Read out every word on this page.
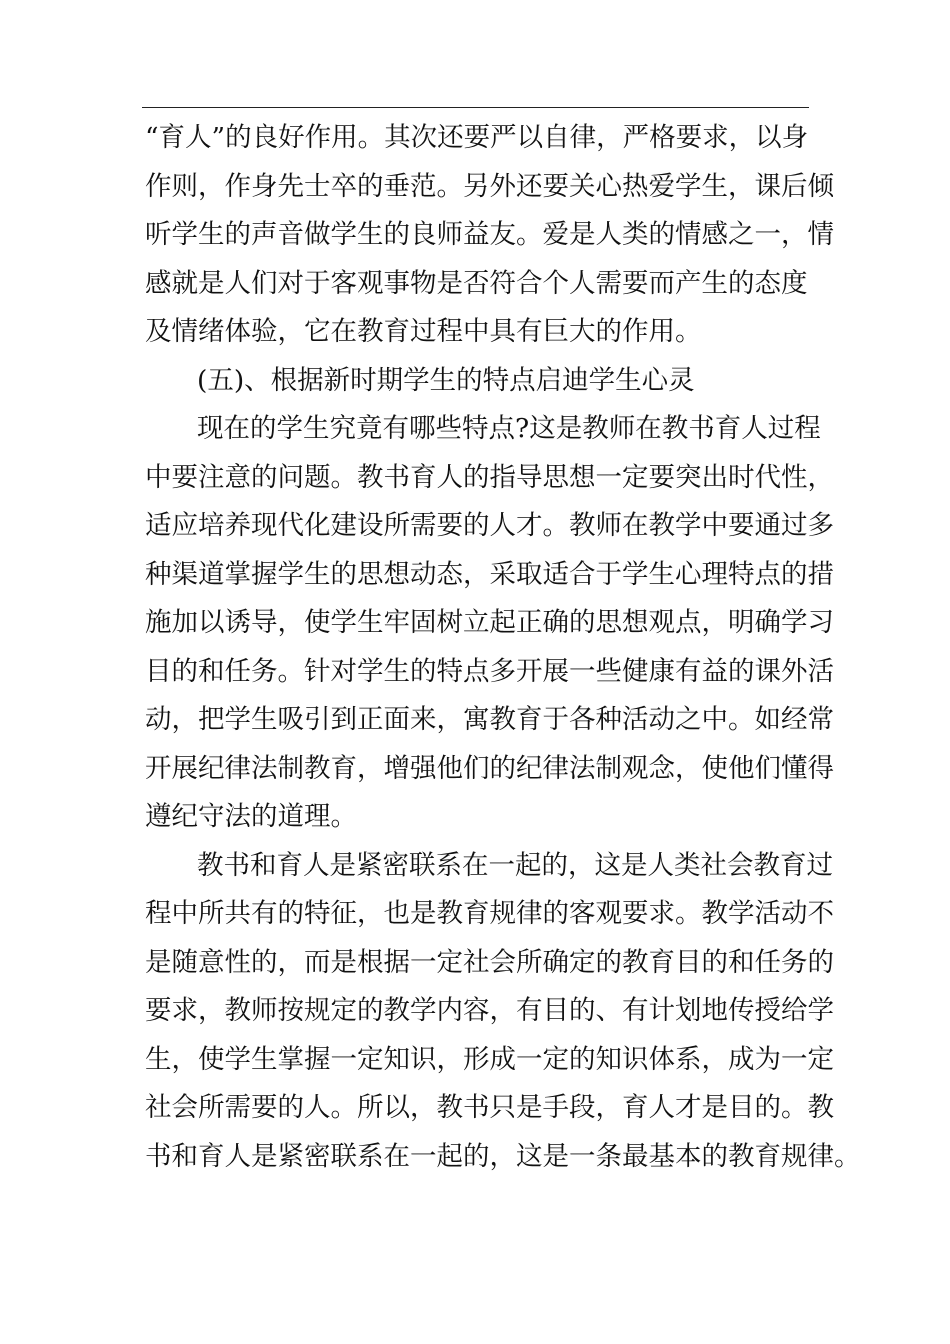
“育人”的良好作用。其次还要严以自律，严格要求，以身
作则，作身先士卒的垂范。另外还要关心热爱学生，课后倾
听学生的声音做学生的良师益友。爱是人类的情感之一，情
感就是人们对于客观事物是否符合个人需要而产生的态度
及情绪体验，它在教育过程中具有巨大的作用。
(五)、根据新时期学生的特点启迪学生心灵
现在的学生究竟有哪些特点?这是教师在教书育人过程
中要注意的问题。教书育人的指导思想一定要突出时代性，
适应培养现代化建设所需要的人才。教师在教学中要通过多
种渠道掌握学生的思想动态，采取适合于学生心理特点的措
施加以诱导，使学生牢固树立起正确的思想观点，明确学习
目的和任务。针对学生的特点多开展一些健康有益的课外活
动，把学生吸引到正面来，寓教育于各种活动之中。如经常
开展纪律法制教育，增强他们的纪律法制观念，使他们懂得
遵纪守法的道理。
教书和育人是紧密联系在一起的，这是人类社会教育过
程中所共有的特征，也是教育规律的客观要求。教学活动不
是随意性的，而是根据一定社会所确定的教育目的和任务的
要求，教师按规定的教学内容，有目的、有计划地传授给学
生，使学生掌握一定知识，形成一定的知识体系，成为一定
社会所需要的人。所以，教书只是手段，育人才是目的。教
书和育人是紧密联系在一起的，这是一条最基本的教育规律。
